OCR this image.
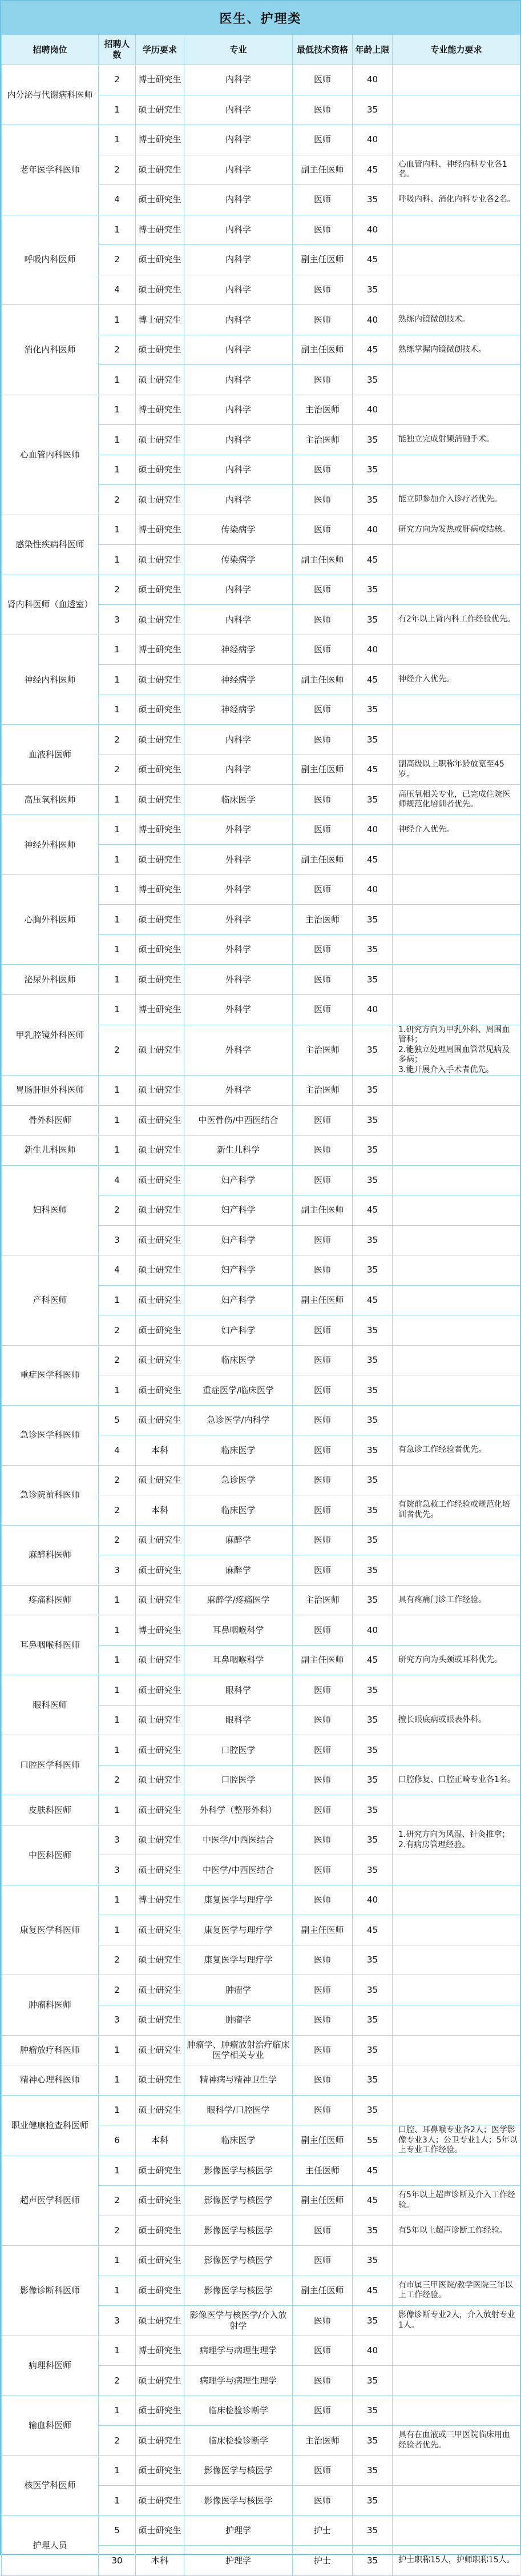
医生、护理类
招聘岗位	招聘人数	学历要求	专业	最低技术资格	年龄上限	专业能力要求
内分泌与代谢病科医师	2	博士研究生	内科学	医师	40	
	1	硕士研究生	内科学	医师	35	
老年医学科医师	1	博士研究生	内科学	医师	40	
	2	硕士研究生	内科学	副主任医师	45	心血管内科、神经内科专业各1名。
	4	硕士研究生	内科学	医师	35	呼吸内科、消化内科专业各2名。
呼吸内科医师	1	博士研究生	内科学	医师	40	
	2	硕士研究生	内科学	副主任医师	45	
	4	硕士研究生	内科学	医师	35	
消化内科医师	1	博士研究生	内科学	医师	40	熟练内镜微创技术。
	2	硕士研究生	内科学	副主任医师	45	熟练掌握内镜微创技术。
	1	硕士研究生	内科学	医师	35	
心血管内科医师	1	博士研究生	内科学	主治医师	40	
	1	硕士研究生	内科学	主治医师	35	能独立完成射频消融手术。
	1	硕士研究生	内科学	医师	35	
	2	硕士研究生	内科学	医师	35	能立即参加介入诊疗者优先。
感染性疾病科医师	1	博士研究生	传染病学	医师	40	研究方向为发热或肝病或结核。
	1	硕士研究生	传染病学	副主任医师	45	
肾内科医师（血透室）	2	硕士研究生	内科学	医师	35	
	3	硕士研究生	内科学	医师	35	有2年以上肾内科工作经验优先。
神经内科医师	1	博士研究生	神经病学	医师	40	
	1	硕士研究生	神经病学	副主任医师	45	神经介入优先。
	1	硕士研究生	神经病学	医师	35	
血液科医师	2	硕士研究生	内科学	医师	35	
	2	硕士研究生	内科学	副主任医师	45	副高级以上职称年龄放宽至45岁。
高压氧科医师	1	硕士研究生	临床医学	医师	35	高压氧相关专业，已完成住院医师规范化培训者优先。
神经外科医师	1	博士研究生	外科学	医师	40	神经介入优先。
	1	硕士研究生	外科学	副主任医师	45	
心胸外科医师	1	博士研究生	外科学	医师	40	
	1	硕士研究生	外科学	主治医师	35	
	1	硕士研究生	外科学	医师	35	
泌尿外科医师	1	硕士研究生	外科学	医师	35	
甲乳腔镜外科医师	1	博士研究生	外科学	医师	40	
	2	硕士研究生	外科学	主治医师	35	1.研究方向为甲乳外科、周围血管科；
2.能独立处理周围血管常见病及多病；
3.能开展介入手术者优先。
胃肠肝胆外科医师	1	硕士研究生	外科学	主治医师	35	
骨外科医师	1	硕士研究生	中医骨伤/中西医结合	医师	35	
新生儿科医师	1	硕士研究生	新生儿科学	医师	35	
妇科医师	4	硕士研究生	妇产科学	医师	35	
	2	硕士研究生	妇产科学	副主任医师	45	
	3	硕士研究生	妇产科学	医师	35	
产科医师	4	硕士研究生	妇产科学	医师	35	
	1	硕士研究生	妇产科学	副主任医师	45	
	2	硕士研究生	妇产科学	医师	35	
重症医学科医师	2	硕士研究生	临床医学	医师	35	
	1	硕士研究生	重症医学/临床医学	医师	35	
急诊医学科医师	5	硕士研究生	急诊医学/内科学	医师	35	
	4	本科	临床医学	医师	35	有急诊工作经验者优先。
急诊院前科医师	2	硕士研究生	急诊医学	医师	35	
	2	本科	临床医学	医师	35	有院前急救工作经验或规范化培训者优先。
麻醉科医师	2	硕士研究生	麻醉学	医师	35	
	3	硕士研究生	麻醉学	医师	35	
疼痛科医师	1	硕士研究生	麻醉学/疼痛医学	主治医师	35	具有疼痛门诊工作经验。
耳鼻咽喉科医师	1	博士研究生	耳鼻咽喉科学	医师	40	
	1	硕士研究生	耳鼻咽喉科学	副主任医师	45	研究方向为头颈或耳科优先。
眼科医师	1	硕士研究生	眼科学	医师	35	
	1	硕士研究生	眼科学	医师	35	擅长眼底病或眼表外科。
口腔医学科医师	1	硕士研究生	口腔医学	医师	35	
	2	硕士研究生	口腔医学	医师	35	口腔修复、口腔正畸专业各1名。
皮肤科医师	1	硕士研究生	外科学（整形外科）	医师	35	
中医科医师	3	硕士研究生	中医学/中西医结合	医师	35	1.研究方向为风湿、针灸推拿；
2.有病房管理经验。
	3	硕士研究生	中医学/中西医结合	医师	35	
康复医学科医师	1	博士研究生	康复医学与理疗学	医师	40	
	1	硕士研究生	康复医学与理疗学	副主任医师	45	
	2	硕士研究生	康复医学与理疗学	医师	35	
肿瘤科医师	2	硕士研究生	肿瘤学	医师	35	
	3	硕士研究生	肿瘤学	医师	35	
肿瘤放疗科医师	1	硕士研究生	肿瘤学、肿瘤放射治疗临床医学相关专业	医师	35	
精神心理科医师	1	硕士研究生	精神病与精神卫生学	医师	35	
职业健康检查科医师	1	硕士研究生	眼科学/口腔医学	医师	35	
	6	本科	临床医学	副主任医师	55	口腔、耳鼻喉专业各2人；医学影像专业3人；公卫专业1人；5年以上专业工作经验。
超声医学科医师	1	硕士研究生	影像医学与核医学	主任医师	45	
	2	硕士研究生	影像医学与核医学	副主任医师	45	有5年以上超声诊断及介入工作经验。
	2	硕士研究生	影像医学与核医学	医师	35	有5年以上超声诊断工作经验。
影像诊断科医师	1	硕士研究生	影像医学与核医学	医师	35	
	1	硕士研究生	影像医学与核医学	副主任医师	45	有市属三甲医院/教学医院三年以上工作经验。
	3	硕士研究生	影像医学与核医学/介入放射学	医师	35	影像诊断专业2人，介入放射专业1人。
病理科医师	1	博士研究生	病理学与病理生理学	医师	40	
	2	硕士研究生	病理学与病理生理学	医师	35	
输血科医师	1	硕士研究生	临床检验诊断学	医师	35	
	2	硕士研究生	临床检验诊断学	主治医师	35	具有在血液或三甲医院临床用血经验者优先。
核医学科医师	1	硕士研究生	影像医学与核医学	医师	35	
	1	硕士研究生	影像医学与核医学	医师	35	
护理人员	5	硕士研究生	护理学	护士	35	
	30	本科	护理学	护士	35	护士职称15人，护师职称15人。
